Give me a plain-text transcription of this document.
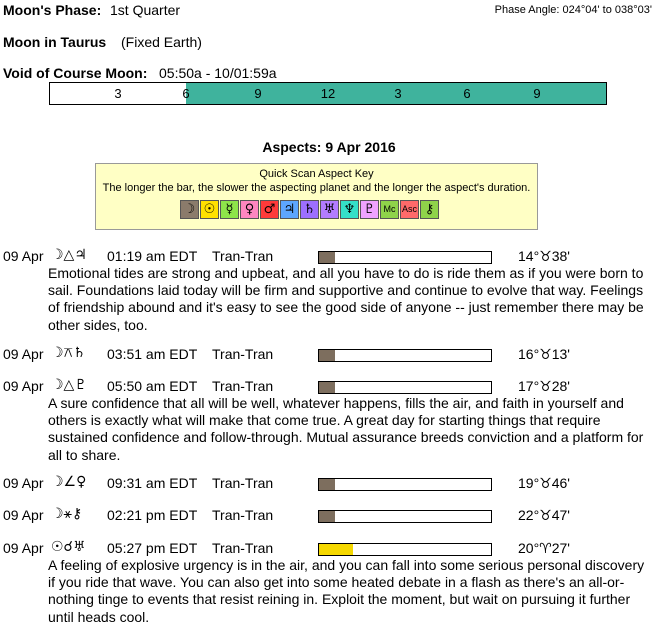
Moon's Phase: 1st Quarter	Phase Angle: 024°04' to 038°03'
Moon in Taurus (Fixed Earth)
Void of Course Moon: 05:50a - 10/01:59a
3	6	9	12	3	6	9
Aspects: 9 Apr 2016
Quick Scan Aspect Key
The longer the bar, the slower the aspecting planet and the longer the aspect's duration.
☽ ☉ ☿ ♀ ♂ ♃ ♄ ♅ ♆ ♇ Mc Asc ⚷
09 Apr ☽△♃ 01:19 am EDT Tran-Tran	14°♉38'
Emotional tides are strong and upbeat, and all you have to do is ride them as if you were born to sail. Foundations laid today will be firm and supportive and continue to evolve that way. Feelings of friendship abound and it's easy to see the good side of anyone -- just remember there may be other sides, too.
09 Apr ☽⚻♄ 03:51 am EDT Tran-Tran	16°♉13'
09 Apr ☽△♇ 05:50 am EDT Tran-Tran	17°♉28'
A sure confidence that all will be well, whatever happens, fills the air, and faith in yourself and others is exactly what will make that come true. A great day for starting things that require sustained confidence and follow-through. Mutual assurance breeds conviction and a platform for all to share.
09 Apr ☽∠♀ 09:31 am EDT Tran-Tran	19°♉46'
09 Apr ☽⚹⚷ 02:21 pm EDT Tran-Tran	22°♉47'
09 Apr ☉☌♅ 05:27 pm EDT Tran-Tran	20°♈27'
A feeling of explosive urgency is in the air, and you can fall into some serious personal discovery if you ride that wave. You can also get into some heated debate in a flash as there's an all-or-nothing tinge to events that resist reining in. Exploit the moment, but wait on pursuing it further until heads cool.
